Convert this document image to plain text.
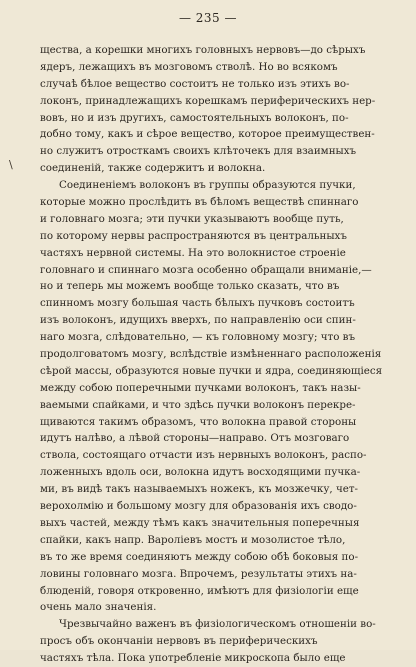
— 235 —
\
щества, а корешки многихъ головныхъ нервовъ—до сѣрыхъ
ядеръ, лежащихъ въ мозговомъ стволѣ. Но во всякомъ
случаѣ бѣлое вещество состоитъ не только изъ этихъ во-
локонъ, принадлежащихъ корешкамъ периферическихъ нер-
вовъ, но и изъ другихъ, самостоятельныхъ волоконъ, по-
добно тому, какъ и сѣрое вещество, которое преимуществен-
но служитъ отросткамъ своихъ клѣточекъ для взаимныхъ
соединеній, также содержитъ и волокна.
Соединеніемъ волоконъ въ группы образуются пучки,
которые можно прослѣдить въ бѣломъ веществѣ спиннаго
и головнаго мозга; эти пучки указываютъ вообще путь,
по которому нервы распространяются въ центральныхъ
частяхъ нервной системы. На это волокнистое строеніе
головнаго и спиннаго мозга особенно обращали вниманіе,—
но и теперь мы можемъ вообще только сказать, что въ
спинномъ мозгу большая часть бѣлыхъ пучковъ состоитъ
изъ волоконъ, идущихъ вверхъ, по направленію оси спин-
наго мозга, слѣдовательно, — къ головному мозгу; что въ
продолговатомъ мозгу, вслѣдствіе измѣненнаго расположенія
сѣрой массы, образуются новые пучки и ядра, соединяющіеся
между собою поперечными пучками волоконъ, такъ назы-
ваемыми спайками, и что здѣсь пучки волоконъ перекре-
щиваются такимъ образомъ, что волокна правой стороны
идутъ налѣво, а лѣвой стороны—направо. Отъ мозговаго
ствола, состоящаго отчасти изъ нервныхъ волоконъ, распо-
ложенныхъ вдоль оси, волокна идутъ восходящими пучка-
ми, въ видѣ такъ называемыхъ ножекъ, къ мозжечку, чет-
верохолмію и большому мозгу для образованія ихъ сводо-
выхъ частей, между тѣмъ какъ значительныя поперечныя
спайки, какъ напр. Вароліевъ мостъ и мозолистое тѣло,
въ то же время соединяютъ между собою обѣ боковыя по-
ловины головнаго мозга. Впрочемъ, результаты этихъ на-
блюденій, говоря откровенно, имѣютъ для физіологіи еще
очень мало значенія.
Чрезвычайно важенъ въ физіологическомъ отношеніи во-
просъ объ окончаніи нервовъ въ периферическихъ
частяхъ тѣла. Пока употребленіе микроскопа было еще
